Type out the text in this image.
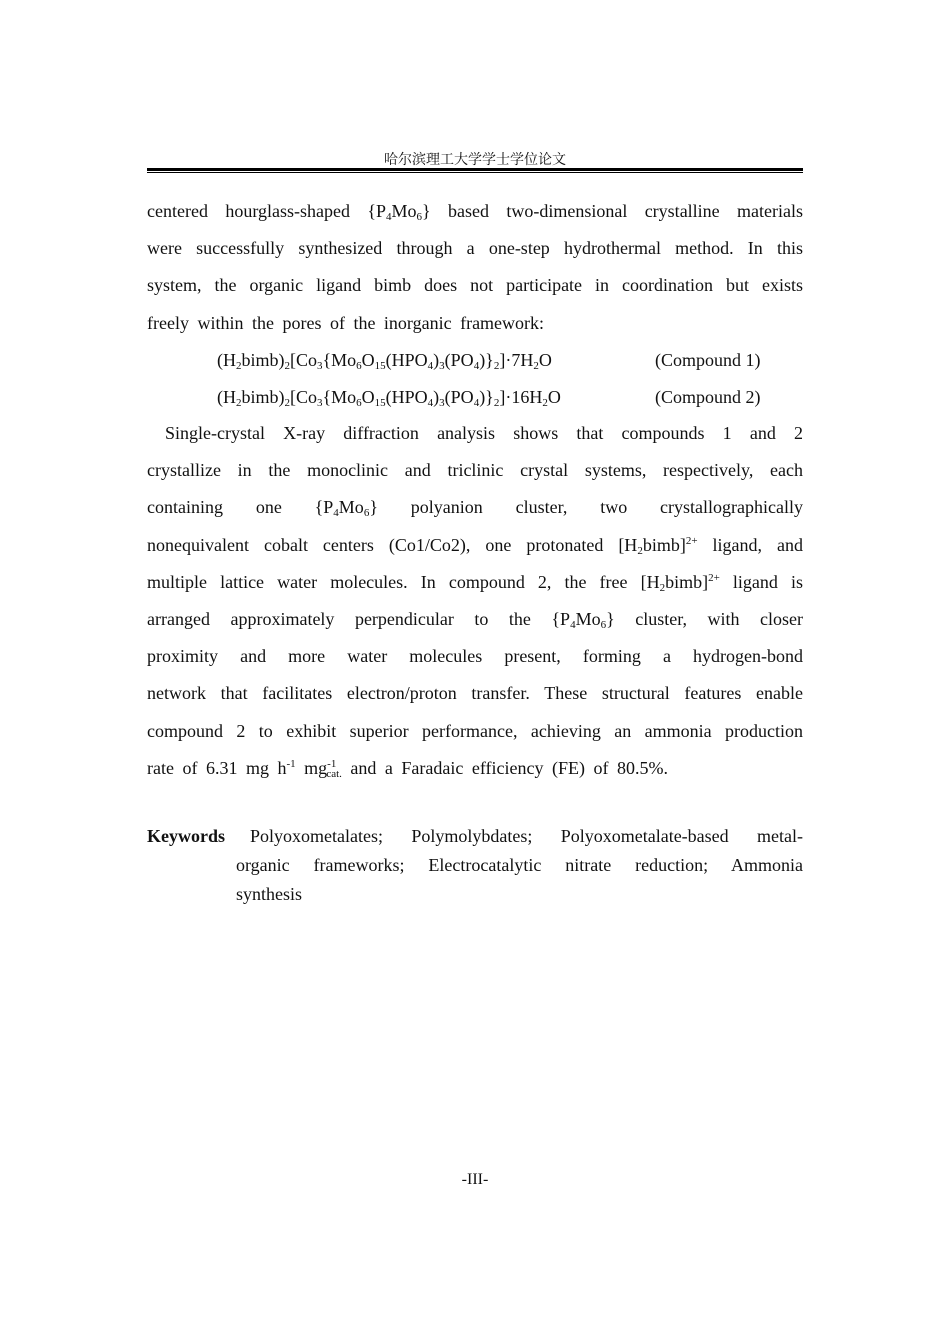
哈尔滨理工大学学士学位论文
centered hourglass-shaped $\{P_4Mo_6\}$ based two-dimensional crystalline materials
were successfully synthesized through a one-step hydrothermal method. In this
system, the organic ligand bimb does not participate in coordination but exists
freely within the pores of the inorganic framework:
$(H_2bimb)_2[Co_3\{Mo_6O_{15}(HPO_4)_3(PO_4)\}_2]\cdot 7H_2O$	(Compound 1)
$(H_2bimb)_2[Co_3\{Mo_6O_{15}(HPO_4)_3(PO_4)\}_2]\cdot 16H_2O$	(Compound 2)
Single-crystal X-ray diffraction analysis shows that compounds 1 and 2
crystallize in the monoclinic and triclinic crystal systems, respectively, each
containing one $\{P_4Mo_6\}$ polyanion cluster, two crystallographically
nonequivalent cobalt centers (Co1/Co2), one protonated $[H_2bimb]^{2+}$ ligand, and
multiple lattice water molecules. In compound 2, the free $[H_2bimb]^{2+}$ ligand is
arranged approximately perpendicular to the $\{P_4Mo_6\}$ cluster, with closer
proximity and more water molecules present, forming a hydrogen-bond
network that facilitates electron/proton transfer. These structural features enable
compound 2 to exhibit superior performance, achieving an ammonia production
rate of 6.31 mg $h^{-1}$ $mg^{-1}_{cat.}$ and a Faradaic efficiency (FE) of 80.5%.
Keywords	Polyoxometalates; Polymolybdates; Polyoxometalate-based metal-
organic frameworks; Electrocatalytic nitrate reduction; Ammonia
synthesis
-III-
